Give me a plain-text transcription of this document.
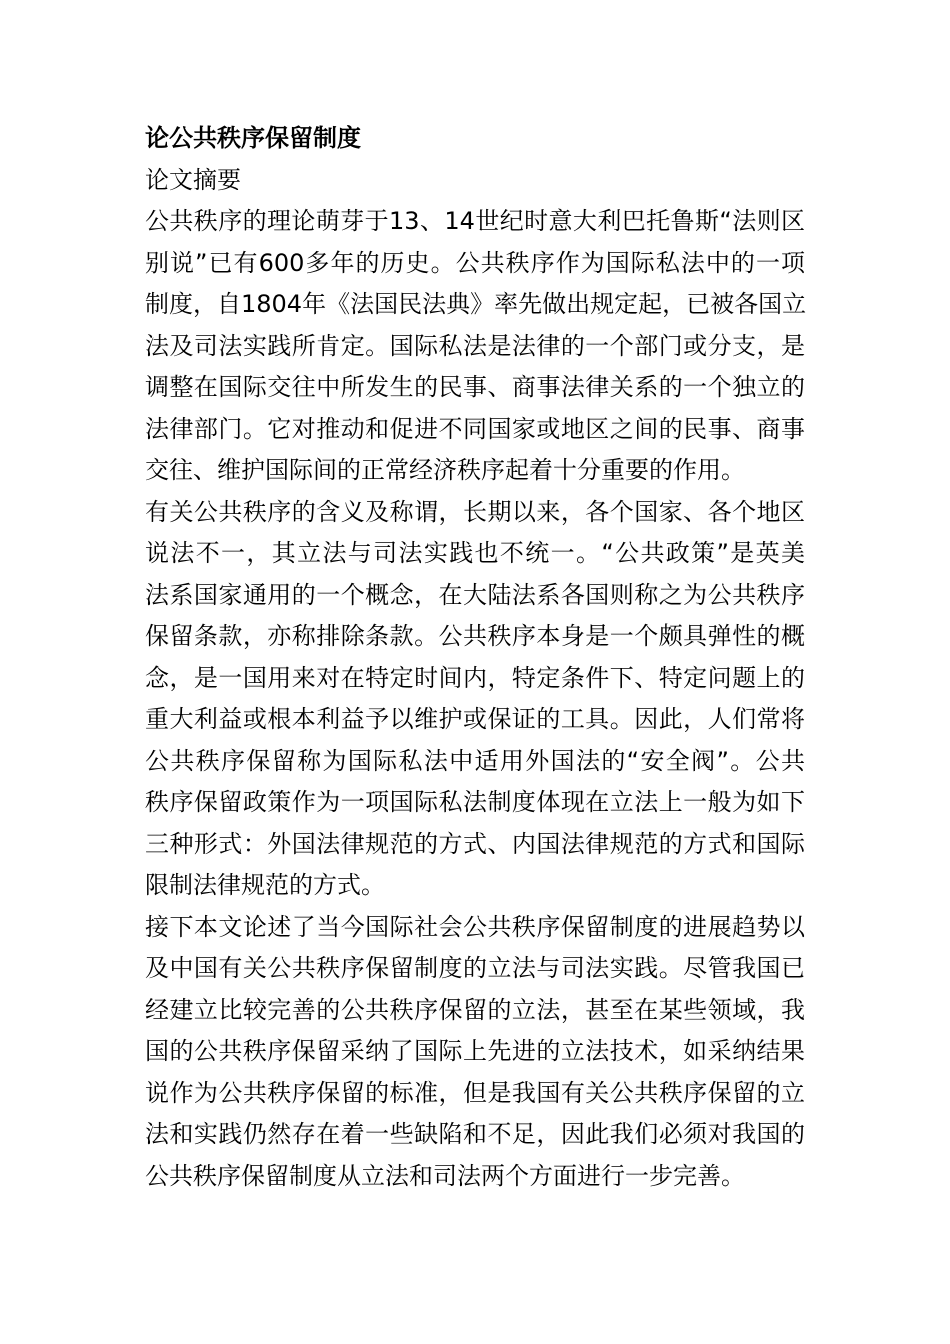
论公共秩序保留制度
论文摘要

公共秩序的理论萌芽于13、14世纪时意大利巴托鲁斯“法则区
别说”已有600多年的历史。公共秩序作为国际私法中的一项
制度，自1804年《法国民法典》率先做出规定起，已被各国立
法及司法实践所肯定。国际私法是法律的一个部门或分支，是
调整在国际交往中所发生的民事、商事法律关系的一个独立的
法律部门。它对推动和促进不同国家或地区之间的民事、商事
交往、维护国际间的正常经济秩序起着十分重要的作用。

有关公共秩序的含义及称谓，长期以来，各个国家、各个地区
说法不一，其立法与司法实践也不统一。“公共政策”是英美
法系国家通用的一个概念，在大陆法系各国则称之为公共秩序
保留条款，亦称排除条款。公共秩序本身是一个颇具弹性的概
念，是一国用来对在特定时间内，特定条件下、特定问题上的
重大利益或根本利益予以维护或保证的工具。因此，人们常将
公共秩序保留称为国际私法中适用外国法的“安全阀”。公共
秩序保留政策作为一项国际私法制度体现在立法上一般为如下
三种形式：外国法律规范的方式、内国法律规范的方式和国际
限制法律规范的方式。

接下本文论述了当今国际社会公共秩序保留制度的进展趋势以
及中国有关公共秩序保留制度的立法与司法实践。尽管我国已
经建立比较完善的公共秩序保留的立法，甚至在某些领域，我
国的公共秩序保留采纳了国际上先进的立法技术，如采纳结果
说作为公共秩序保留的标准，但是我国有关公共秩序保留的立
法和实践仍然存在着一些缺陷和不足，因此我们必须对我国的
公共秩序保留制度从立法和司法两个方面进行一步完善。
